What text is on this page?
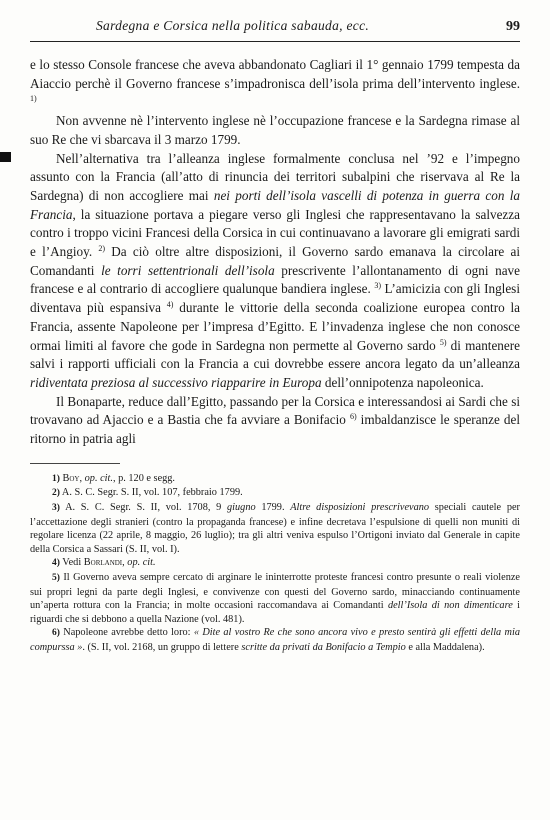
Sardegna e Corsica nella politica sabauda, ecc.	99

e lo stesso Console francese che aveva abbandonato Cagliari il 1° gennaio 1799 tempesta da Aiaccio perchè il Governo francese s’impadronisca dell’isola prima dell’intervento inglese. $^{1)}$

Non avvenne nè l’intervento inglese nè l’occupazione francese e la Sardegna rimase al suo Re che vi sbarcava il 3 marzo 1799.

Nell’alternativa tra l’alleanza inglese formalmente conclusa nel ’92 e l’impegno assunto con la Francia (all’atto di rinuncia dei territori subalpini che riservava al Re la Sardegna) di non accogliere mai nei porti dell’isola vascelli di potenza in guerra con la Francia, la situazione portava a piegare verso gli Inglesi che rappresentavano la salvezza contro i troppo vicini Francesi della Corsica in cui continuavano a lavorare gli emigrati sardi e l’Angioy. $^{2)}$ Da ciò oltre altre disposizioni, il Governo sardo emanava la circolare ai Comandanti le torri settentrionali dell’isola prescrivente l’allontanamento di ogni nave francese e al contrario di accogliere qualunque bandiera inglese. $^{3)}$ L’amicizia con gli Inglesi diventava più espansiva $^{4)}$ durante le vittorie della seconda coalizione europea contro la Francia, assente Napoleone per l’impresa d’Egitto. E l’invadenza inglese che non conosce ormai limiti al favore che gode in Sardegna non permette al Governo sardo $^{5)}$ di mantenere salvi i rapporti ufficiali con la Francia a cui dovrebbe essere ancora legato da un’alleanza ridiventata preziosa al successivo riapparire in Europa dell’onnipotenza napoleonica.

Il Bonaparte, reduce dall’Egitto, passando per la Corsica e interessandosi ai Sardi che si trovavano ad Ajaccio e a Bastia che fa avviare a Bonifacio $^{6)}$ imbaldanzisce le speranze del ritorno in patria agli

1) Boy, op. cit., p. 120 e segg.

2) A. S. C. Segr. S. II, vol. 107, febbraio 1799.

3) A. S. C. Segr. S. II, vol. 1708, 9 giugno 1799. Altre disposizioni prescrivevano speciali cautele per l’accettazione degli stranieri (contro la propaganda francese) e infine decretava l’espulsione di quelli non muniti di regolare licenza (22 aprile, 8 maggio, 26 luglio); tra gli altri veniva espulso l’Ortigoni inviato dal Generale in capite della Corsica a Sassari (S. II, vol. I).

4) Vedi Borlandi, op. cit.

5) Il Governo aveva sempre cercato di arginare le ininterrotte proteste francesi contro presunte o reali violenze sui propri legni da parte degli Inglesi, e convivenze con questi del Governo sardo, minacciando continuamente un’aperta rottura con la Francia; in molte occasioni raccomandava ai Comandanti dell’Isola di non dimenticare i riguardi che si debbono a quella Nazione (vol. 481).

6) Napoleone avrebbe detto loro: « Dite al vostro Re che sono ancora vivo e presto sentirà gli effetti della mia compurssa ». (S. II, vol. 2168, un gruppo di lettere scritte da privati da Bonifacio a Tempio e alla Maddalena).
